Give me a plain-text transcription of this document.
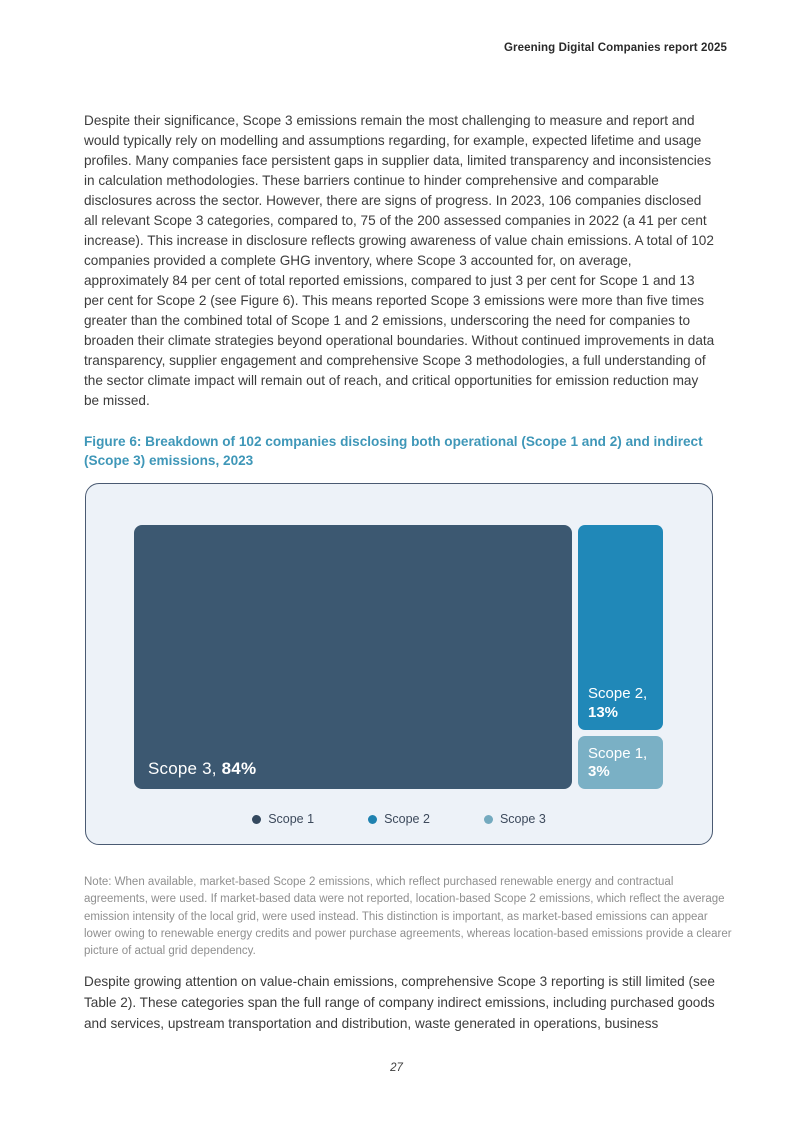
Greening Digital Companies report 2025

Despite their significance, Scope 3 emissions remain the most challenging to measure and report and would typically rely on modelling and assumptions regarding, for example, expected lifetime and usage profiles. Many companies face persistent gaps in supplier data, limited transparency and inconsistencies in calculation methodologies. These barriers continue to hinder comprehensive and comparable disclosures across the sector. However, there are signs of progress. In 2023, 106 companies disclosed all relevant Scope 3 categories, compared to, 75 of the 200 assessed companies in 2022 (a 41 per cent increase). This increase in disclosure reflects growing awareness of value chain emissions. A total of 102 companies provided a complete GHG inventory, where Scope 3 accounted for, on average, approximately 84 per cent of total reported emissions, compared to just 3 per cent for Scope 1 and 13 per cent for Scope 2 (see Figure 6). This means reported Scope 3 emissions were more than five times greater than the combined total of Scope 1 and 2 emissions, underscoring the need for companies to broaden their climate strategies beyond operational boundaries. Without continued improvements in data transparency, supplier engagement and comprehensive Scope 3 methodologies, a full understanding of the sector climate impact will remain out of reach, and critical opportunities for emission reduction may be missed.

Figure 6: Breakdown of 102 companies disclosing both operational (Scope 1 and 2) and indirect (Scope 3) emissions, 2023
Scope 3, 84%
Scope 2,
13%
Scope 1,
3%
Scope 1	Scope 2	Scope 3

Note: When available, market-based Scope 2 emissions, which reflect purchased renewable energy and contractual agreements, were used. If market-based data were not reported, location-based Scope 2 emissions, which reflect the average emission intensity of the local grid, were used instead. This distinction is important, as market-based emissions can appear lower owing to renewable energy credits and power purchase agreements, whereas location-based emissions provide a clearer picture of actual grid dependency.

Despite growing attention on value-chain emissions, comprehensive Scope 3 reporting is still limited (see Table 2). These categories span the full range of company indirect emissions, including purchased goods and services, upstream transportation and distribution, waste generated in operations, business

27
